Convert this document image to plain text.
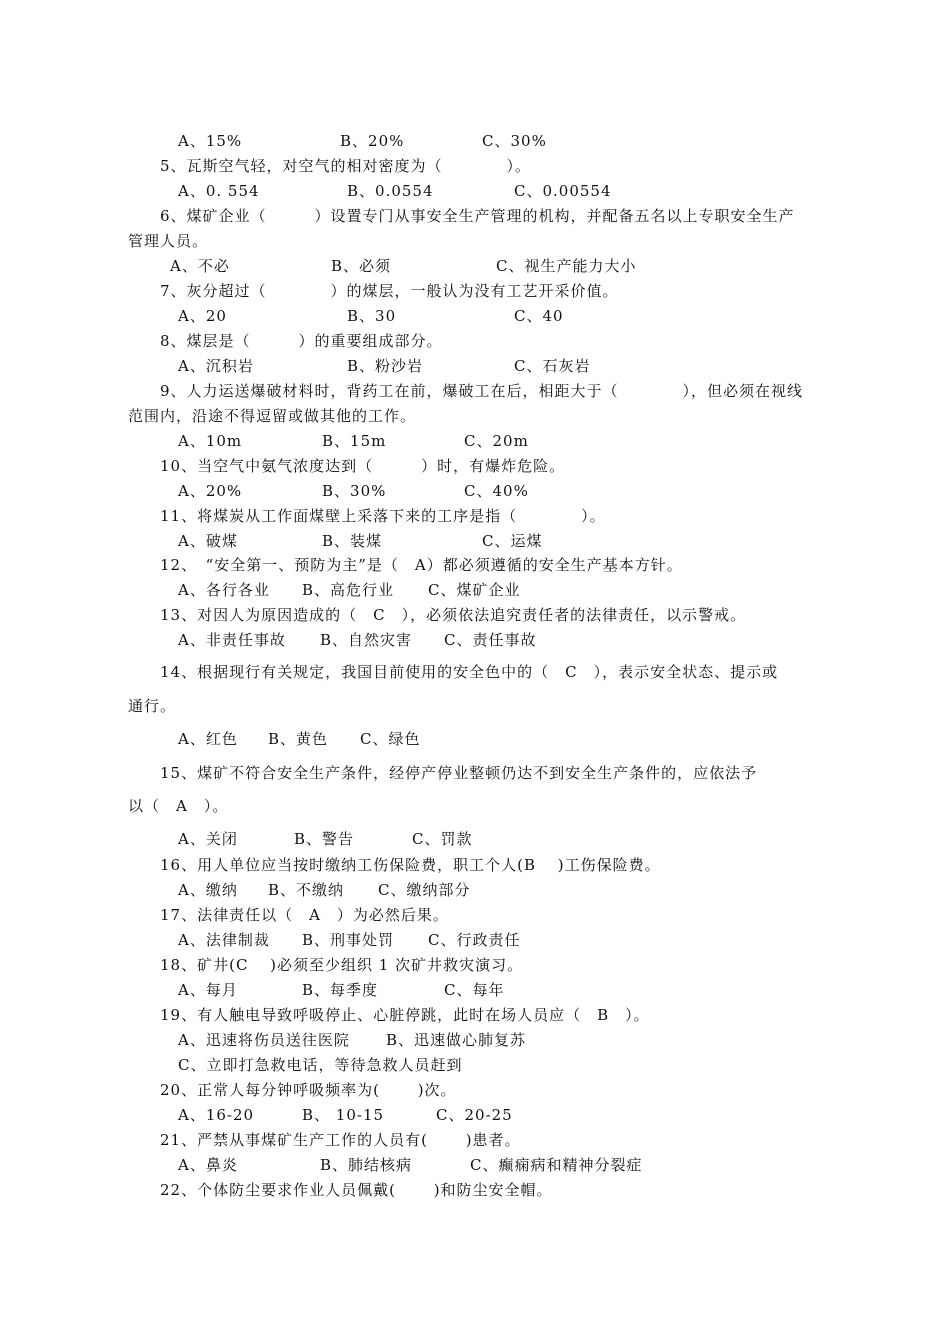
A、15%	B、20%	C、30%
5、瓦斯空气轻，对空气的相对密度为（　　　　）。
A、0. 554	B、0.0554	C、0.00554
6、煤矿企业（　　　）设置专门从事安全生产管理的机构，并配备五名以上专职安全生产
管理人员。
A、不必	B、必须	C、视生产能力大小
7、灰分超过（　　　　）的煤层，一般认为没有工艺开采价值。
A、20	B、30	C、40
8、煤层是（　　　）的重要组成部分。
A、沉积岩	B、粉沙岩	C、石灰岩
9、人力运送爆破材料时，背药工在前，爆破工在后，相距大于（　　　　），但必须在视线
范围内，沿途不得逗留或做其他的工作。
A、10m	B、15m	C、20m
10、当空气中氨气浓度达到（　　　）时，有爆炸危险。
A、20%	B、30%	C、40%
11、将煤炭从工作面煤壁上采落下来的工序是指（　　　　）。
A、破煤	B、装煤	C、运煤
12、　“安全第一、预防为主”是（　A）都必须遵循的安全生产基本方针。
A、各行各业 B、高危行业 C、煤矿企业
13、对因人为原因造成的（　C　），必须依法追究责任者的法律责任，以示警戒。
A、非责任事故 B、自然灾害 C、责任事故
14、根据现行有关规定，我国目前使用的安全色中的（　C　），表示安全状态、提示或
通行。
A、红色 B、黄色 C、绿色
15、煤矿不符合安全生产条件，经停产停业整顿仍达不到安全生产条件的，应依法予
以（　A　）。
A、关闭	B、警告	C、罚款
16、用人单位应当按时缴纳工伤保险费，职工个人(B　 )工伤保险费。
A、缴纳 B、不缴纳 C、缴纳部分
17、法律责任以（　A　）为必然后果。
A、法律制裁 B、刑事处罚 C、行政责任
18、矿井(C　 )必须至少组织 1 次矿井救灾演习。
A、每月	B、每季度	C、每年
19、有人触电导致呼吸停止、心脏停跳，此时在场人员应（　B　）。
A、迅速将伤员送往医院 B、迅速做心肺复苏
C、立即打急救电话，等待急救人员赶到
20、正常人每分钟呼吸频率为(　　 )次。
A、16-20	B、 10-15	C、20-25
21、严禁从事煤矿生产工作的人员有(　　 )患者。
A、鼻炎	B、肺结核病	C、癫痫病和精神分裂症
22、个体防尘要求作业人员佩戴(　　 )和防尘安全帽。
